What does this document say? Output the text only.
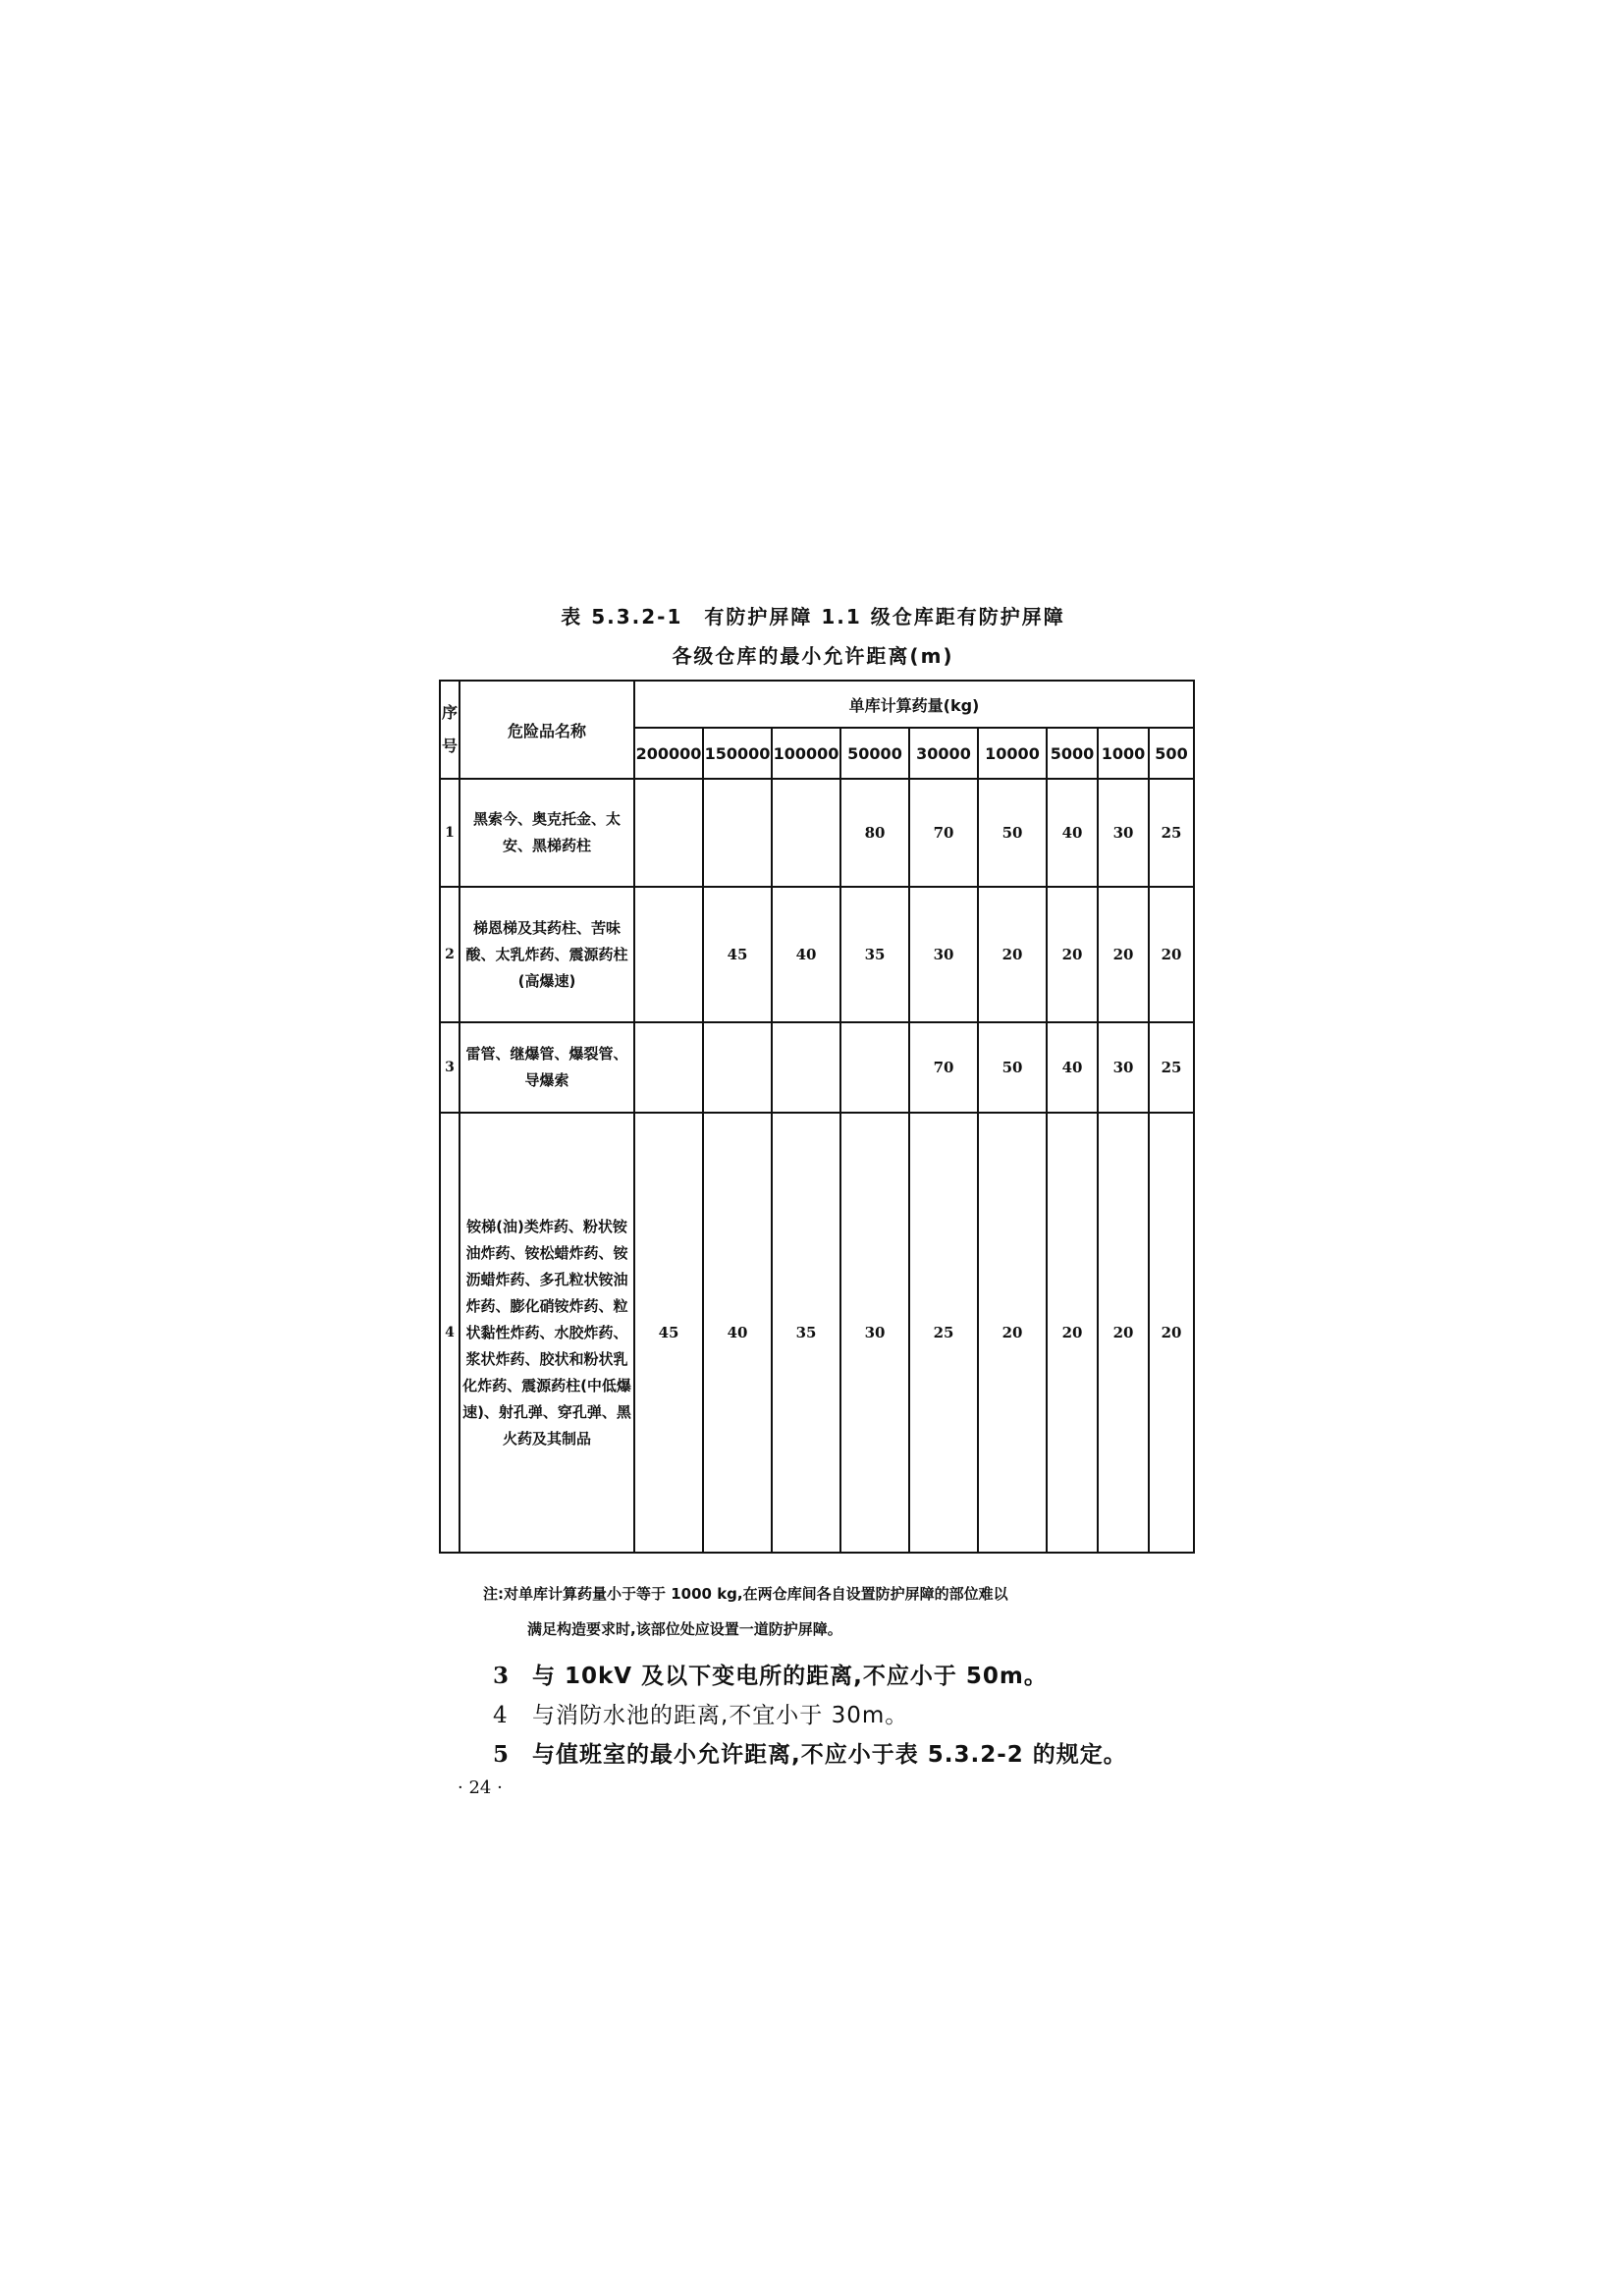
表 5.3.2-1　有防护屏障 1.1 级仓库距有防护屏障
各级仓库的最小允许距离(m)
序号	危险品名称	单库计算药量(kg)								
		200000	150000	100000	50000	30000	10000	5000	1000	500
1	黑索今、奥克托金、太安、黑梯药柱				80	70	50	40	30	25
2	梯恩梯及其药柱、苦味酸、太乳炸药、震源药柱(高爆速)		45	40	35	30	20	20	20	20
3	雷管、继爆管、爆裂管、导爆索					70	50	40	30	25
4	铵梯(油)类炸药、粉状铵油炸药、铵松蜡炸药、铵沥蜡炸药、多孔粒状铵油炸药、膨化硝铵炸药、粒状黏性炸药、水胶炸药、浆状炸药、胶状和粉状乳化炸药、震源药柱(中低爆速)、射孔弹、穿孔弹、黑火药及其制品	45	40	35	30	25	20	20	20	20
注:对单库计算药量小于等于 1000 kg,在两仓库间各自设置防护屏障的部位难以
满足构造要求时,该部位处应设置一道防护屏障。
3 与 10kV 及以下变电所的距离,不应小于 50m。
4 与消防水池的距离,不宜小于 30m。
5 与值班室的最小允许距离,不应小于表 5.3.2-2 的规定。
· 24 ·
